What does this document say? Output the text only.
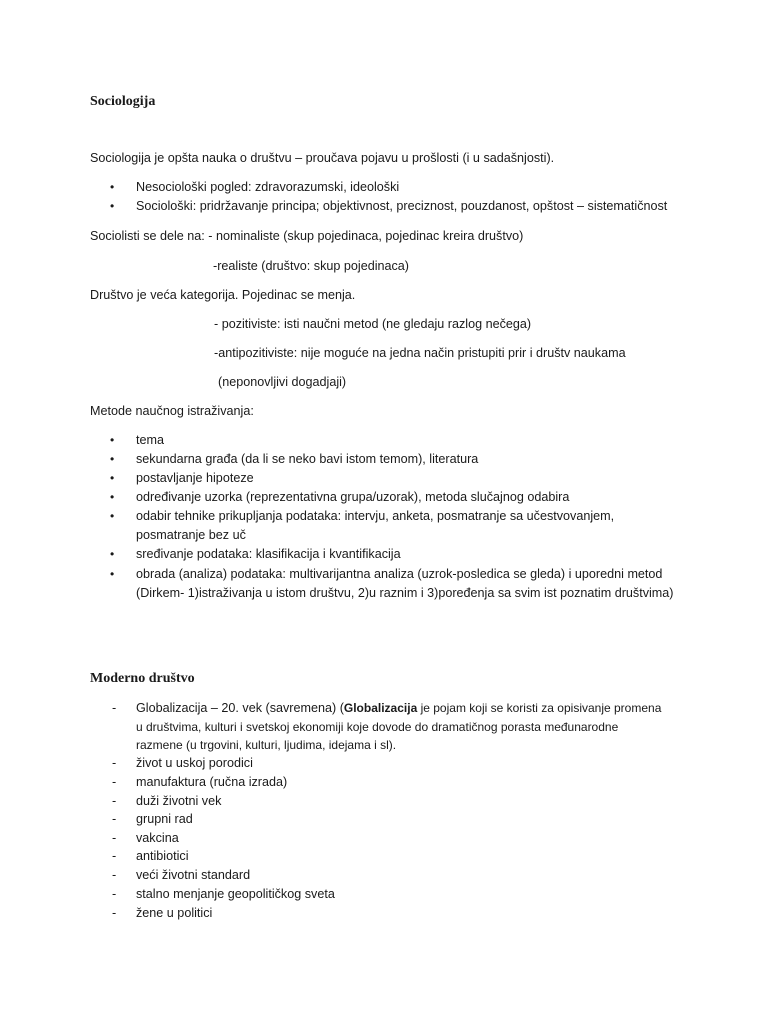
Sociologija
Sociologija je opšta nauka o društvu – proučava pojavu u prošlosti (i u sadašnjosti).
•	Nesociološki pogled: zdravorazumski, ideološki
•	Sociološki: pridržavanje principa; objektivnost, preciznost, pouzdanost, opštost – sistematičnost
Sociolisti se dele na: - nominaliste (skup pojedinaca, pojedinac kreira društvo)
-realiste (društvo: skup pojedinaca)
Društvo je veća kategorija. Pojedinac se menja.
- pozitiviste: isti naučni metod (ne gledaju razlog nečega)
-antipozitiviste: nije moguće na jedna način pristupiti prir i društv naukama
(neponovljivi dogadjaji)
Metode naučnog istraživanja:
•	tema
•	sekundarna građa (da li se neko bavi istom temom), literatura
•	postavljanje hipoteze
•	određivanje uzorka (reprezentativna grupa/uzorak), metoda slučajnog odabira
•	odabir tehnike prikupljanja podataka: intervju, anketa, posmatranje sa učestvovanjem,
posmatranje bez uč
•	sređivanje podataka: klasifikacija i kvantifikacija
•	obrada (analiza) podataka: multivarijantna analiza (uzrok-posledica se gleda) i uporedni metod
(Dirkem- 1)istraživanja u istom društvu, 2)u raznim i 3)poređenja sa svim ist poznatim društvima)
Moderno društvo
- Globalizacija – 20. vek (savremena) (Globalizacija je pojam koji se koristi za opisivanje promena
u društvima, kulturi i svetskoj ekonomiji koje dovode do dramatičnog porasta međunarodne
razmene (u trgovini, kulturi, ljudima, idejama i sl).
- život u uskoj porodici
- manufaktura (ručna izrada)
- duži životni vek
- grupni rad
- vakcina
- antibiotici
- veći životni standard
- stalno menjanje geopolitičkog sveta
- žene u politici
